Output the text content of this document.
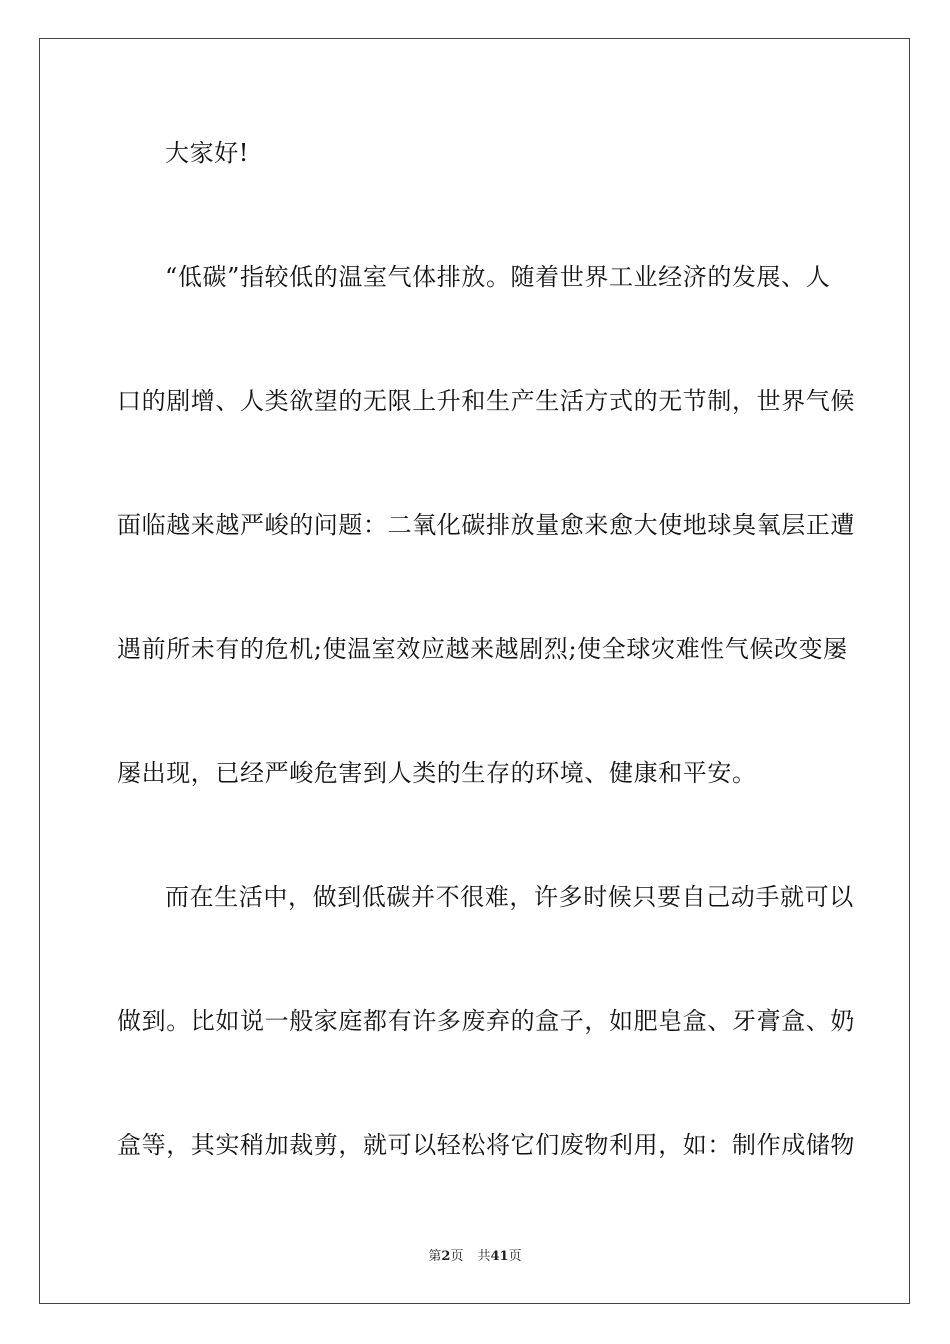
大家好!
“低碳”指较低的温室气体排放。随着世界工业经济的发展、人
口的剧增、人类欲望的无限上升和生产生活方式的无节制，世界气候
面临越来越严峻的问题：二氧化碳排放量愈来愈大使地球臭氧层正遭
遇前所未有的危机;使温室效应越来越剧烈;使全球灾难性气候改变屡
屡出现，已经严峻危害到人类的生存的环境、健康和平安。
而在生活中，做到低碳并不很难，许多时候只要自己动手就可以
做到。比如说一般家庭都有许多废弃的盒子，如肥皂盒、牙膏盒、奶
盒等，其实稍加裁剪，就可以轻松将它们废物利用，如：制作成储物
第2页 共41页
